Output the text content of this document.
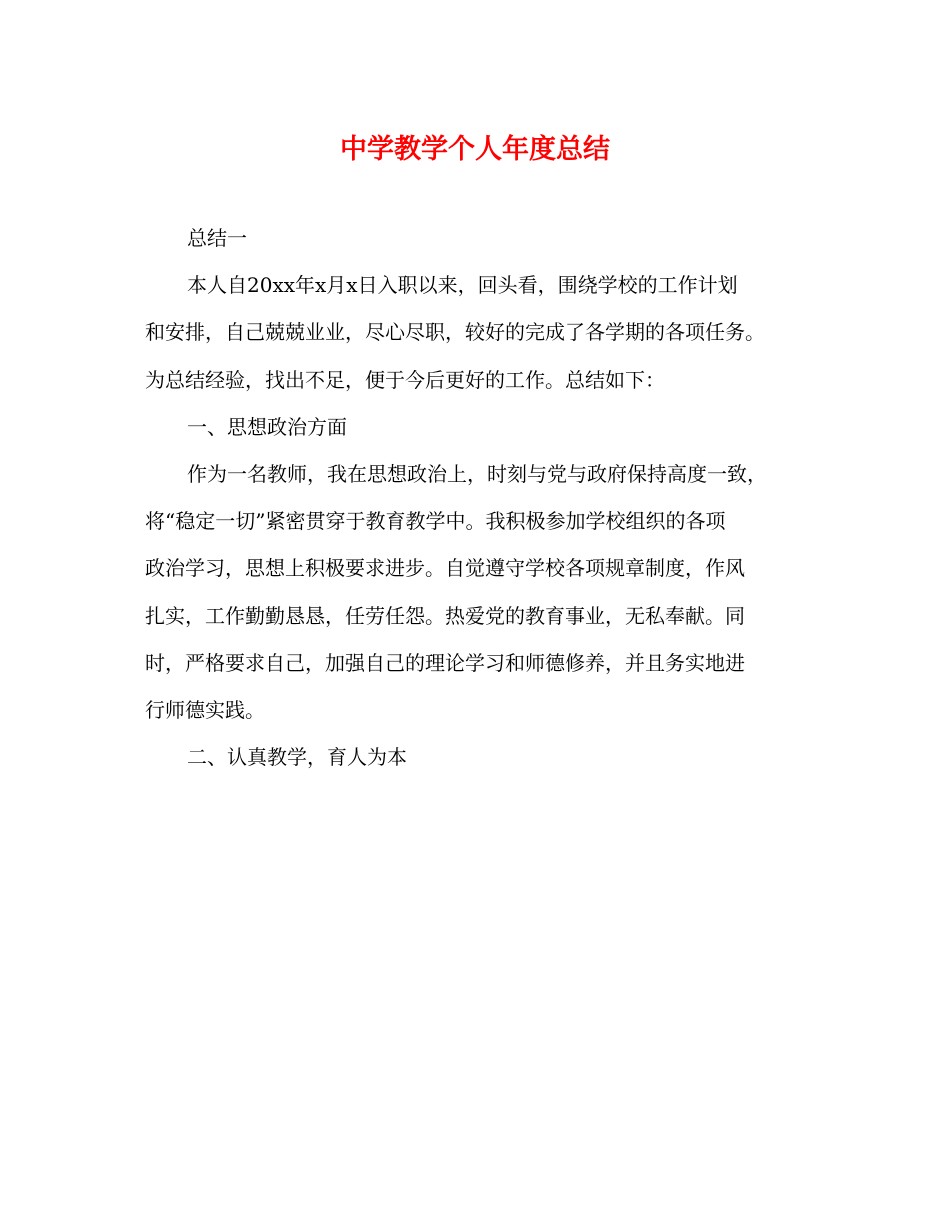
中学教学个人年度总结

总结一

本人自20xx年x月x日入职以来，回头看，围绕学校的工作计划
和安排，自己兢兢业业，尽心尽职，较好的完成了各学期的各项任务。
为总结经验，找出不足，便于今后更好的工作。总结如下：

一、思想政治方面

作为一名教师，我在思想政治上，时刻与党与政府保持高度一致，
将“稳定一切”紧密贯穿于教育教学中。我积极参加学校组织的各项
政治学习，思想上积极要求进步。自觉遵守学校各项规章制度，作风
扎实，工作勤勤恳恳，任劳任怨。热爱党的教育事业，无私奉献。同
时，严格要求自己，加强自己的理论学习和师德修养，并且务实地进
行师德实践。

二、认真教学，育人为本
